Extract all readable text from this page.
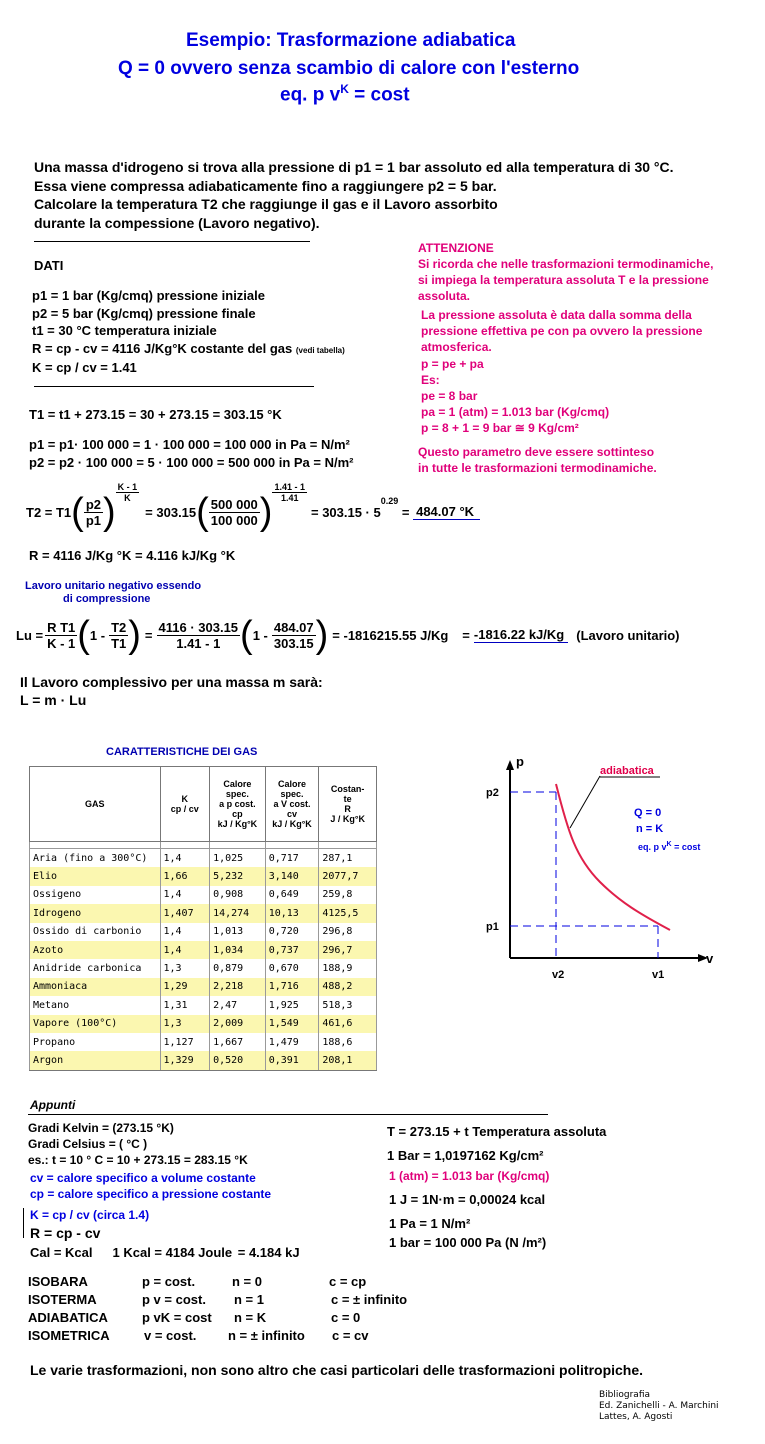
Esempio: Trasformazione adiabatica
Q = 0 ovvero senza scambio di calore con l'esterno
eq. p $v^K = \cos t$
Una massa d'idrogeno si trova alla pressione di p1 = 1 bar assoluto ed alla temperatura di 30 °C.
Essa viene compressa adiabaticamente fino a raggiungere p2 = 5 bar.
Calcolare la temperatura T2 che raggiunge il gas e il Lavoro assorbito
durante la compessione (Lavoro negativo).
DATI
p1 = 1 bar (Kg/cmq) pressione iniziale
p2 = 5 bar (Kg/cmq) pressione finale
t1 = 30 °C temperatura iniziale
R = cp - cv = 4116 J/Kg°K costante del gas (vedi tabella)
K = cp / cv = 1.41
ATTENZIONE
Si ricorda che nelle trasformazioni termodinamiche,
si impiega la temperatura assoluta T e la pressione
assoluta.
La pressione assoluta è data dalla somma della
pressione effettiva pe con pa ovvero la pressione
atmosferica.
p = pe + pa
Es:
pe = 8 bar
pa = 1 (atm) = 1.013 bar (Kg/cmq)
p = 8 + 1 = 9 bar ≅ 9 Kg/cm²
Questo parametro deve essere sottinteso
in tutte le trasformazioni termodinamiche.
T1 = t1 + 273.15 = 30 + 273.15 = 303.15 °K
p1 = p1· 100 000 = 1 · 100 000 = 100 000 in Pa = N/m²
p2 = p2 · 100 000 = 5 · 100 000 = 500 000 in Pa = N/m²
T2 = T1 ( $\frac{p2}{p1}$ ) $\frac{K - 1}{K}$
= 303.15 ( $\frac{500 000}{100 000}$ ) $\frac{1.41 - 1}{1.41}$
= 303.15 · 5
$^{0.29}$
= 484.07 °K
R = 4116 J/Kg °K = 4.116 kJ/Kg °K
Lavoro unitario negativo essendo
di compressione
$Lu = \frac{\text{R T1}}{K - 1}$ ( $1 - \frac{T2}{T1}$ ) = $\frac{4116 \cdot 303.15}{1.41 - 1}$ ( $1 - \frac{484.07}{303.15}$ ) = -1816215.55 J/Kg = -1816.22 kJ/Kg (Lavoro unitario)
Il Lavoro complessivo per una massa m sarà:
L = m · Lu
CARATTERISTICHE DEI GAS
GAS	K
cp / cv	Calore
spec.
a p cost.
cp
kJ / Kg°K	Calore
spec.
a V cost.
cv
kJ / Kg°K	Costan-
te
R
J / Kg°K

Aria (fino a 300°C)	1,4	1,025	0,717	287,1
Elio	1,66	5,232	3,140	2077,7
Ossigeno	1,4	0,908	0,649	259,8
Idrogeno	1,407	14,274	10,13	4125,5
Ossido di carbonio	1,4	1,013	0,720	296,8
Azoto	1,4	1,034	0,737	296,7
Anidride carbonica	1,3	0,879	0,670	188,9
Ammoniaca	1,29	2,218	1,716	488,2
Metano	1,31	2,47	1,925	518,3
Vapore (100°C)	1,3	2,009	1,549	461,6
Propano	1,127	1,667	1,479	188,6
Argon	1,329	0,520	0,391	208,1
p
v
adiabatica
p2
p1
v2	v1
Q = 0
n = K
eq. p $v^K = \cos t$
Appunti
Gradi Kelvin = (273.15 °K)
Gradi Celsius = ( °C )
es.: t = 10 ° C = 10 + 273.15 = 283.15 °K
cv = calore specifico a volume costante
cp = calore specifico a pressione costante
K = cp / cv (circa 1.4)
R = cp - cv
Cal = Kcal 1 Kcal = 4184 Joule = 4.184 kJ
T = 273.15 + t Temperatura assoluta
1 Bar = 1,0197162 Kg/cm²
1 (atm) = 1.013 bar (Kg/cmq)
1 J = 1N·m = 0,00024 kcal
1 Pa = 1 N/m²
1 bar = 100 000 Pa (N /m²)
ISOBARA	p = cost.	n = 0	c = cp
ISOTERMA	p v = cost.	n = 1	c = ± infinito
ADIABATICA	p vK = cost	n = K	c = 0
ISOMETRICA	v = cost.	n = ± infinito	c = cv
Le varie trasformazioni, non sono altro che casi particolari delle trasformazioni politropiche.
Bibliografia
Ed. Zanichelli - A. Marchini
Lattes, A. Agosti
